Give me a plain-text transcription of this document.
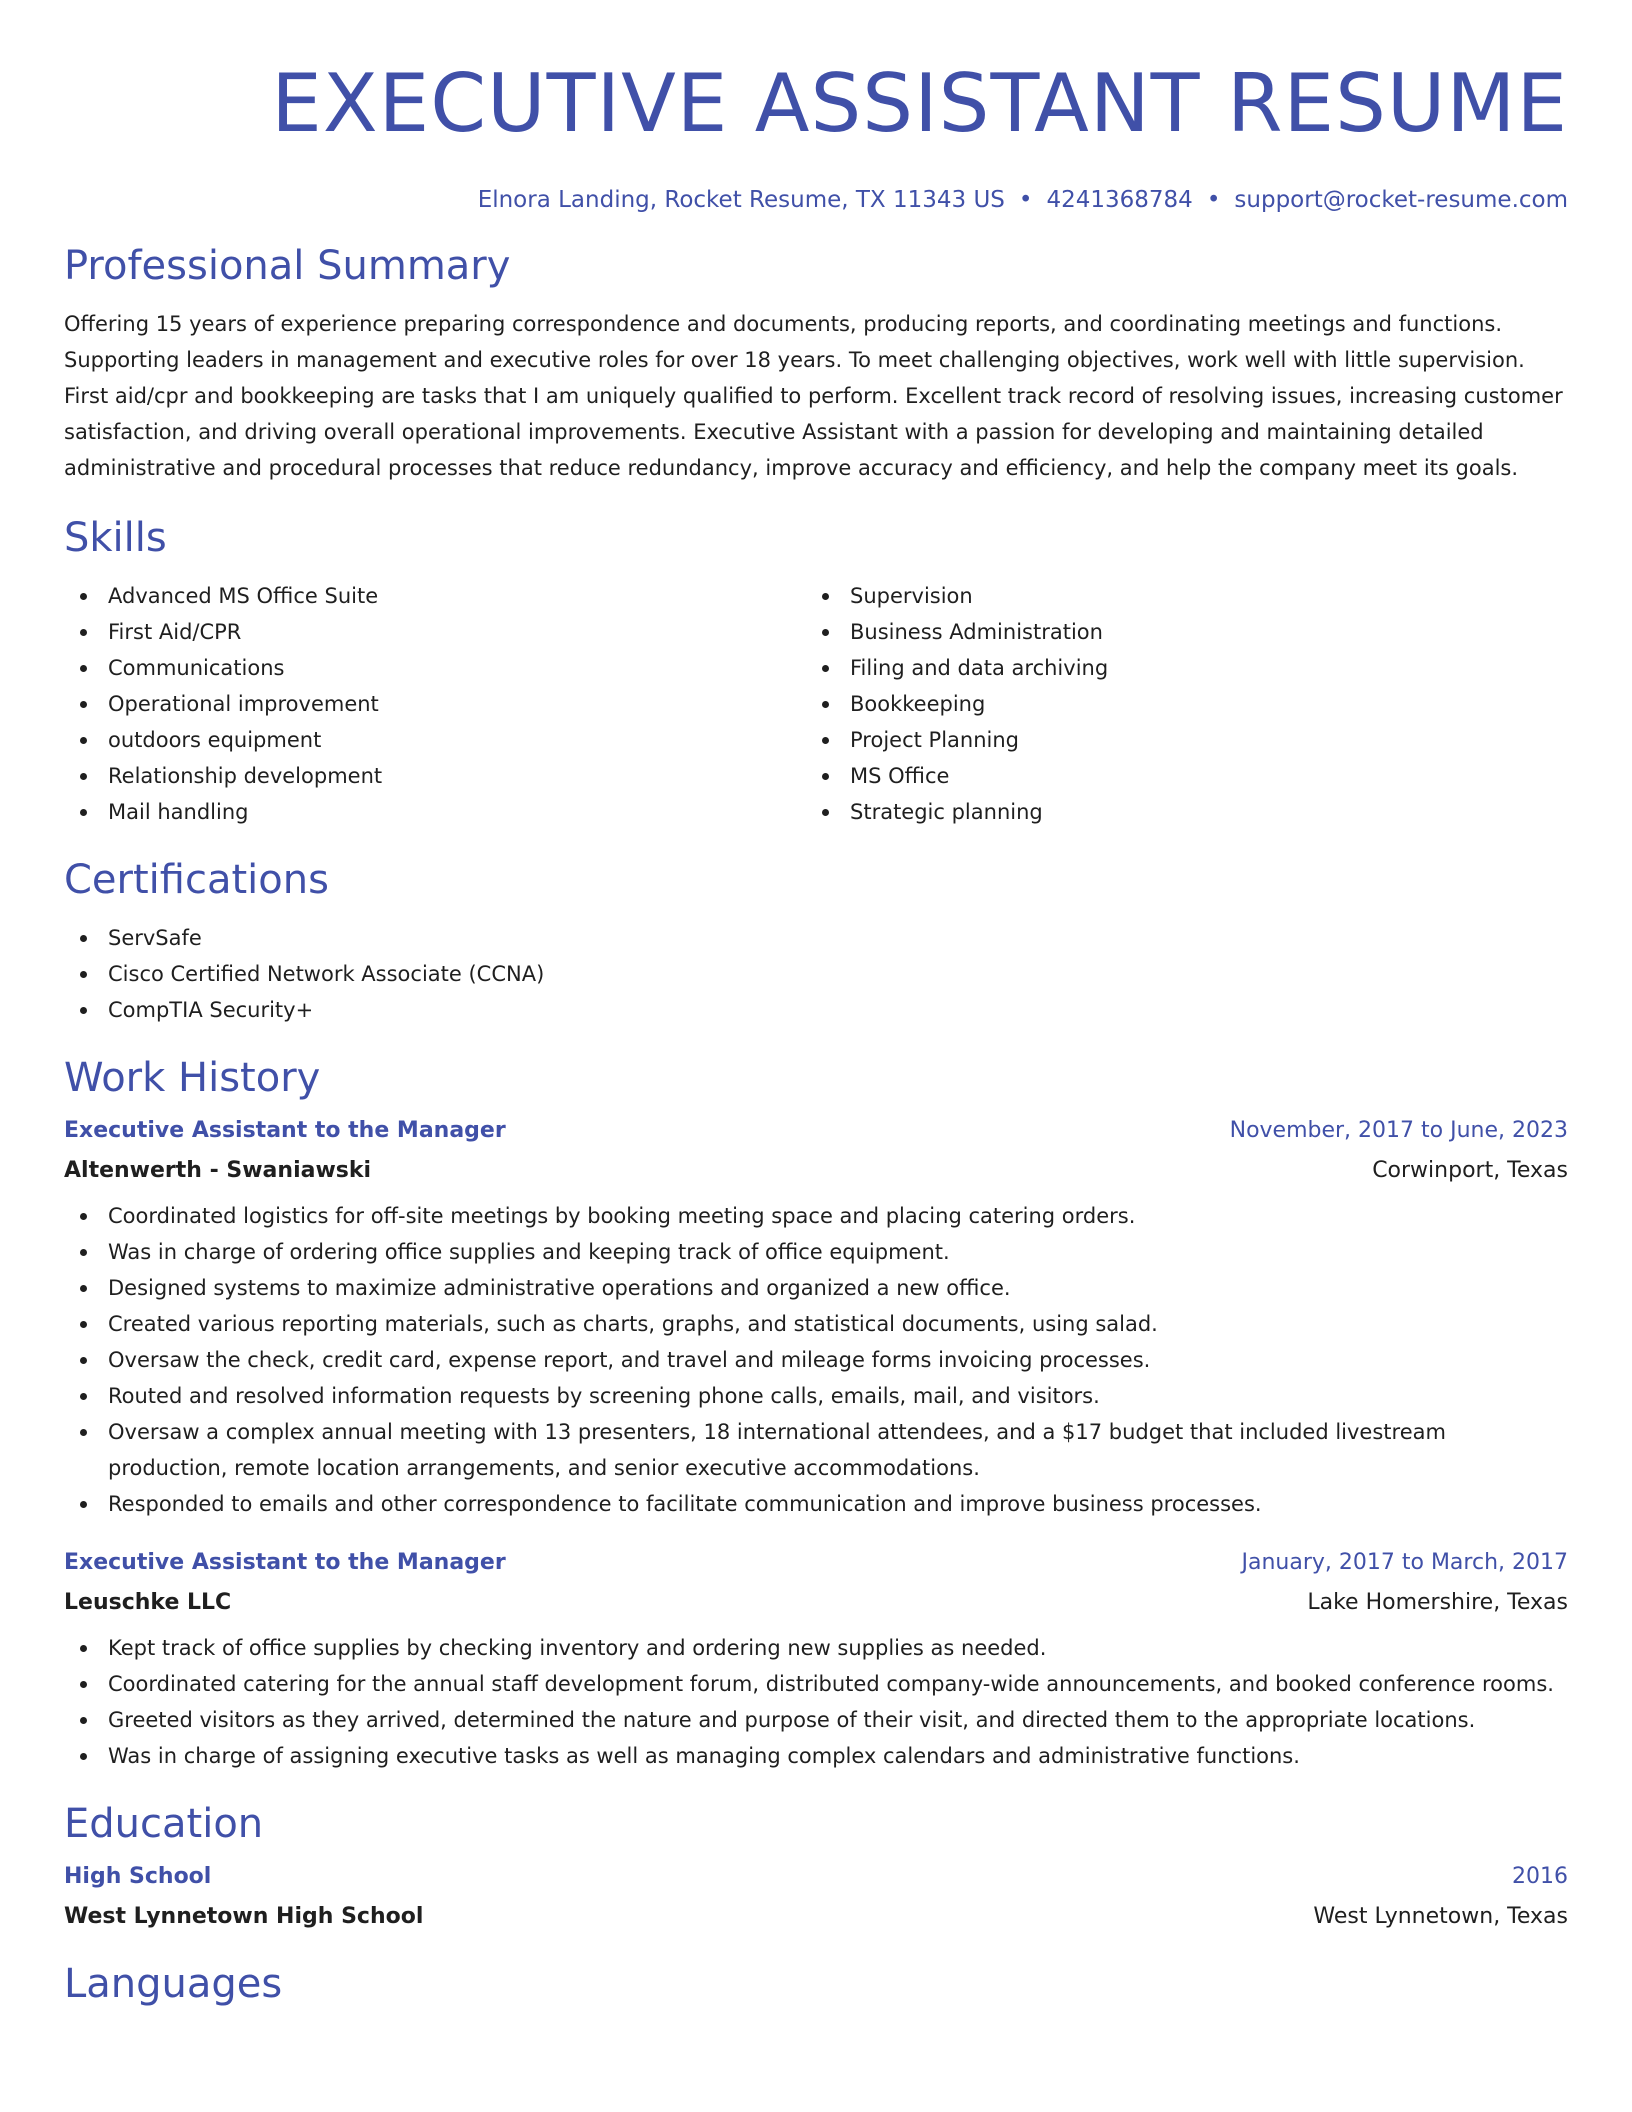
EXECUTIVE ASSISTANT RESUME
Elnora Landing, Rocket Resume, TX 11343 US • 4241368784 • support@rocket-resume.com
Professional Summary

Offering 15 years of experience preparing correspondence and documents, producing reports, and coordinating meetings and functions. Supporting leaders in management and executive roles for over 18 years. To meet challenging objectives, work well with little supervision. First aid/cpr and bookkeeping are tasks that I am uniquely qualified to perform. Excellent track record of resolving issues, increasing customer satisfaction, and driving overall operational improvements. Executive Assistant with a passion for developing and maintaining detailed administrative and procedural processes that reduce redundancy, improve accuracy and efficiency, and help the company meet its goals.

Skills
Advanced MS Office Suite
First Aid/CPR
Communications
Operational improvement
outdoors equipment
Relationship development
Mail handling
Supervision
Business Administration
Filing and data archiving
Bookkeeping
Project Planning
MS Office
Strategic planning
Certifications
ServSafe
Cisco Certified Network Associate (CCNA)
CompTIA Security+
Work History
Executive Assistant to the Manager	November, 2017 to June, 2023
Altenwerth - Swaniawski	Corwinport, Texas
Coordinated logistics for off-site meetings by booking meeting space and placing catering orders.
Was in charge of ordering office supplies and keeping track of office equipment.
Designed systems to maximize administrative operations and organized a new office.
Created various reporting materials, such as charts, graphs, and statistical documents, using salad.
Oversaw the check, credit card, expense report, and travel and mileage forms invoicing processes.
Routed and resolved information requests by screening phone calls, emails, mail, and visitors.
Oversaw a complex annual meeting with 13 presenters, 18 international attendees, and a $17 budget that included livestream production, remote location arrangements, and senior executive accommodations.
Responded to emails and other correspondence to facilitate communication and improve business processes.
Executive Assistant to the Manager	January, 2017 to March, 2017
Leuschke LLC	Lake Homershire, Texas
Kept track of office supplies by checking inventory and ordering new supplies as needed.
Coordinated catering for the annual staff development forum, distributed company-wide announcements, and booked conference rooms.
Greeted visitors as they arrived, determined the nature and purpose of their visit, and directed them to the appropriate locations.
Was in charge of assigning executive tasks as well as managing complex calendars and administrative functions.
Education
High School	2016
West Lynnetown High School	West Lynnetown, Texas
Languages
